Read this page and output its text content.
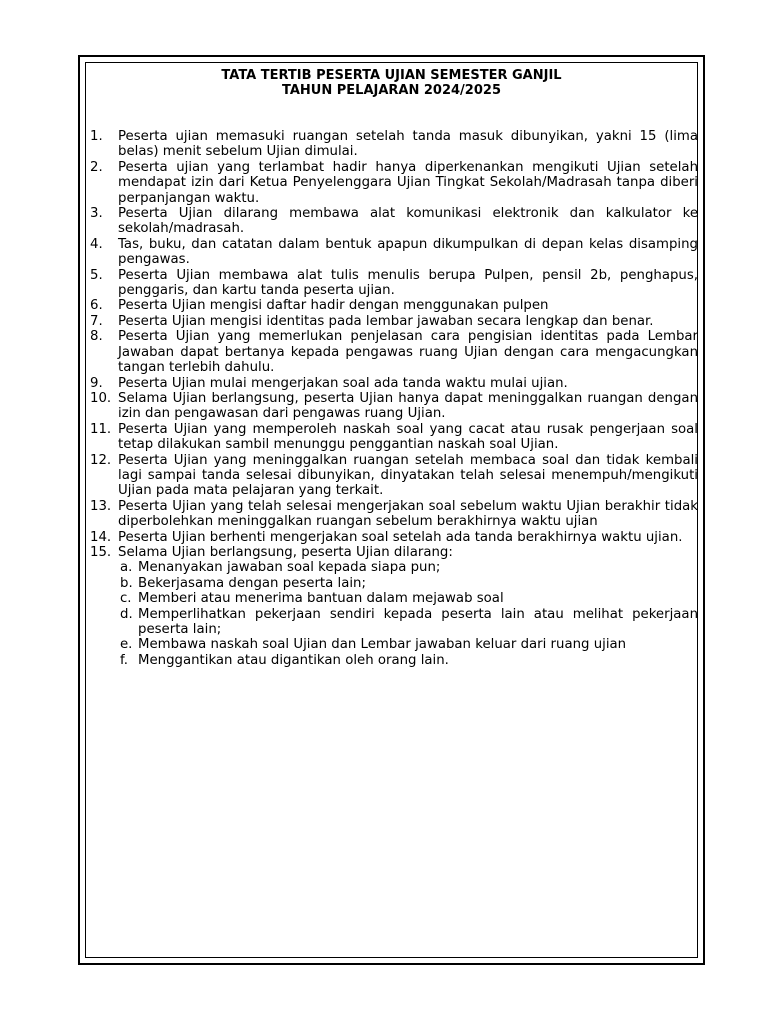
TATA TERTIB PESERTA UJIAN SEMESTER GANJIL
TAHUN PELAJARAN 2024/2025
1.	Peserta ujian memasuki ruangan setelah tanda masuk dibunyikan, yakni 15 (lima belas) menit sebelum Ujian dimulai.
2.	Peserta ujian yang terlambat hadir hanya diperkenankan mengikuti Ujian setelah mendapat izin dari Ketua Penyelenggara Ujian Tingkat Sekolah/Madrasah tanpa diberi perpanjangan waktu.
3.	Peserta Ujian dilarang membawa alat komunikasi elektronik dan kalkulator ke sekolah/madrasah.
4.	Tas, buku, dan catatan dalam bentuk apapun dikumpulkan di depan kelas disamping pengawas.
5.	Peserta Ujian membawa alat tulis menulis berupa Pulpen, pensil 2b, penghapus, penggaris, dan kartu tanda peserta ujian.
6.	Peserta Ujian mengisi daftar hadir dengan menggunakan pulpen
7.	Peserta Ujian mengisi identitas pada lembar jawaban secara lengkap dan benar.
8.	Peserta Ujian yang memerlukan penjelasan cara pengisian identitas pada Lembar Jawaban dapat bertanya kepada pengawas ruang Ujian dengan cara mengacungkan tangan terlebih dahulu.
9.	Peserta Ujian mulai mengerjakan soal ada tanda waktu mulai ujian.
10. Selama Ujian berlangsung, peserta Ujian hanya dapat meninggalkan ruangan dengan izin dan pengawasan dari pengawas ruang Ujian.
11. Peserta Ujian yang memperoleh naskah soal yang cacat atau rusak pengerjaan soal tetap dilakukan sambil menunggu penggantian naskah soal Ujian.
12. Peserta Ujian yang meninggalkan ruangan setelah membaca soal dan tidak kembali lagi sampai tanda selesai dibunyikan, dinyatakan telah selesai menempuh/mengikuti Ujian pada mata pelajaran yang terkait.
13. Peserta Ujian yang telah selesai mengerjakan soal sebelum waktu Ujian berakhir tidak diperbolehkan meninggalkan ruangan sebelum berakhirnya waktu ujian
14. Peserta Ujian berhenti mengerjakan soal setelah ada tanda berakhirnya waktu ujian.
15. Selama Ujian berlangsung, peserta Ujian dilarang:
a. Menanyakan jawaban soal kepada siapa pun;
b. Bekerjasama dengan peserta lain;
c. Memberi atau menerima bantuan dalam mejawab soal
d. Memperlihatkan pekerjaan sendiri kepada peserta lain atau melihat pekerjaan peserta lain;
e. Membawa naskah soal Ujian dan Lembar jawaban keluar dari ruang ujian
f. Menggantikan atau digantikan oleh orang lain.
